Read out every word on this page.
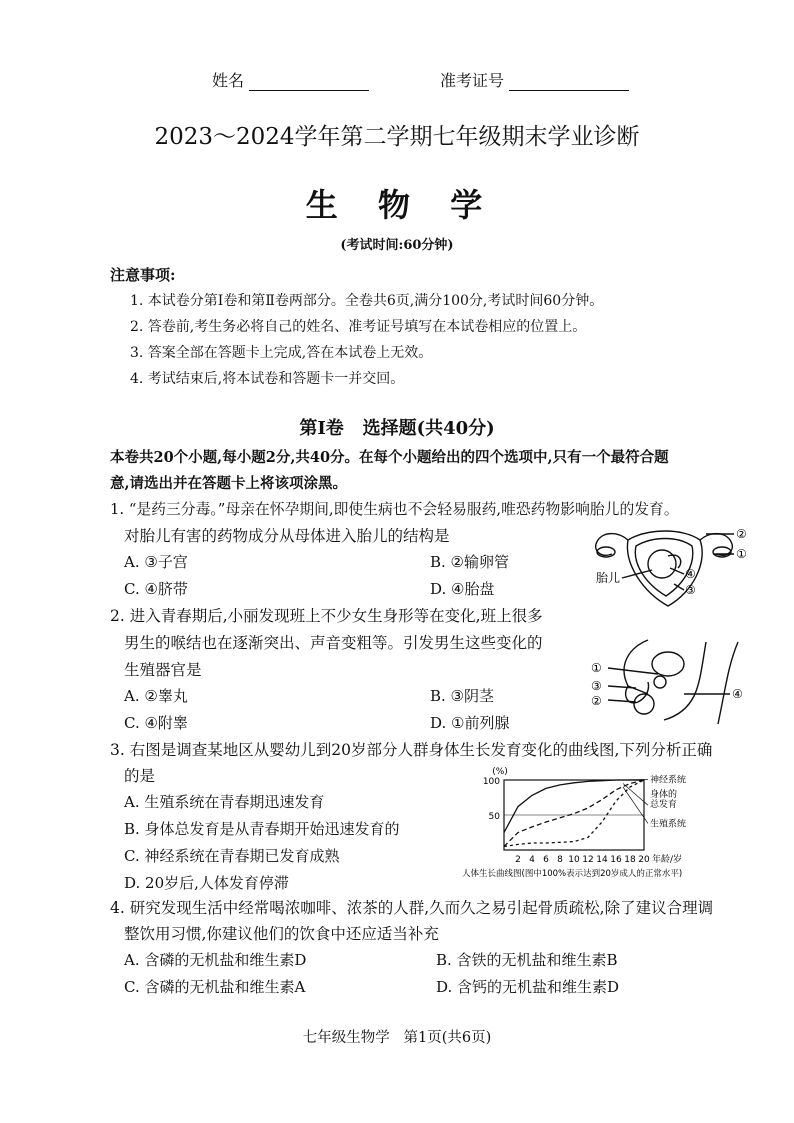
姓名	准考证号
2023～2024学年第二学期七年级期末学业诊断
生  物  学
(考试时间:60分钟)
注意事项:
1. 本试卷分第Ⅰ卷和第Ⅱ卷两部分。全卷共6页,满分100分,考试时间60分钟。
2. 答卷前,考生务必将自己的姓名、准考证号填写在本试卷相应的位置上。
3. 答案全部在答题卡上完成,答在本试卷上无效。
4. 考试结束后,将本试卷和答题卡一并交回。
第Ⅰ卷   选择题(共40分)
本卷共20个小题,每小题2分,共40分。在每个小题给出的四个选项中,只有一个最符合题
意,请选出并在答题卡上将该项涂黑。
1. “是药三分毒。”母亲在怀孕期间,即使生病也不会轻易服药,唯恐药物影响胎儿的发育。
对胎儿有害的药物成分从母体进入胎儿的结构是
A. ③子宫	B. ②输卵管
C. ④脐带	D. ④胎盘
②
①
④
③
胎儿
2. 进入青春期后,小丽发现班上不少女生身形等在变化,班上很多
男生的喉结也在逐渐突出、声音变粗等。引发男生这些变化的
生殖器官是
A. ②睾丸	B. ③阴茎
C. ④附睾	D. ①前列腺
①
③
②	④
3. 右图是调查某地区从婴幼儿到20岁部分人群身体生长发育变化的曲线图,下列分析正确
的是
A. 生殖系统在青春期迅速发育
B. 身体总发育是从青春期开始迅速发育的
C. 神经系统在青春期已发育成熟
D. 20岁后,人体发育停滞
100
50
(%)
2 4 6 8 10 12 14 16 18 20 年龄/岁
神经系统
身体的
总发育
生殖系统
人体生长曲线图(图中100%表示达到20岁成人的正常水平)
4. 研究发现生活中经常喝浓咖啡、浓茶的人群,久而久之易引起骨质疏松,除了建议合理调
整饮用习惯,你建议他们的饮食中还应适当补充
A. 含磷的无机盐和维生素D	B. 含铁的无机盐和维生素B
C. 含磷的无机盐和维生素A	D. 含钙的无机盐和维生素D
七年级生物学   第1页(共6页)
